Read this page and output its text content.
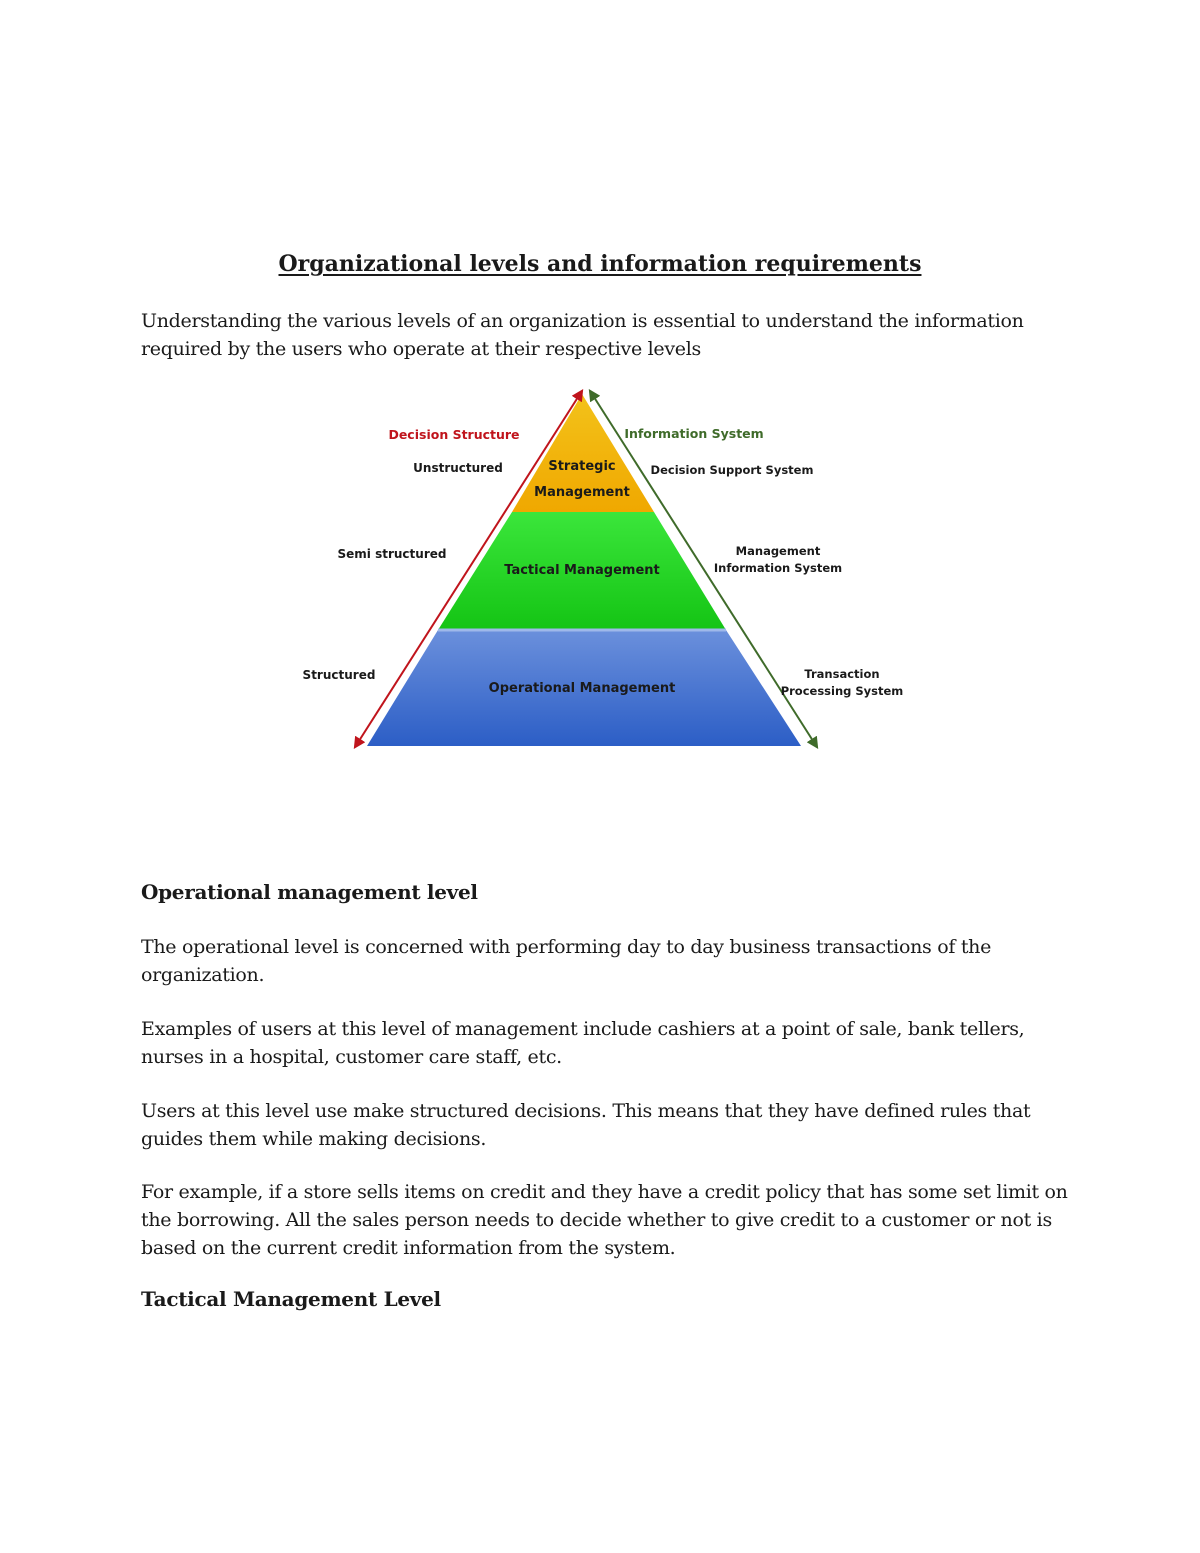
Organizational levels and information requirements

Understanding the various levels of an organization is essential to understand the information required by the users who operate at their respective levels

Decision Structure	Information System
Strategic
Management
Tactical Management
Operational Management
Unstructured
Semi structured
Structured
Decision Support System
Management
Information System
Transaction
Processing System
Operational management level

The operational level is concerned with performing day to day business transactions of the organization.

Examples of users at this level of management include cashiers at a point of sale, bank tellers, nurses in a hospital, customer care staff, etc.

Users at this level use make structured decisions. This means that they have defined rules that guides them while making decisions.

For example, if a store sells items on credit and they have a credit policy that has some set limit on the borrowing. All the sales person needs to decide whether to give credit to a customer or not is based on the current credit information from the system.

Tactical Management Level
